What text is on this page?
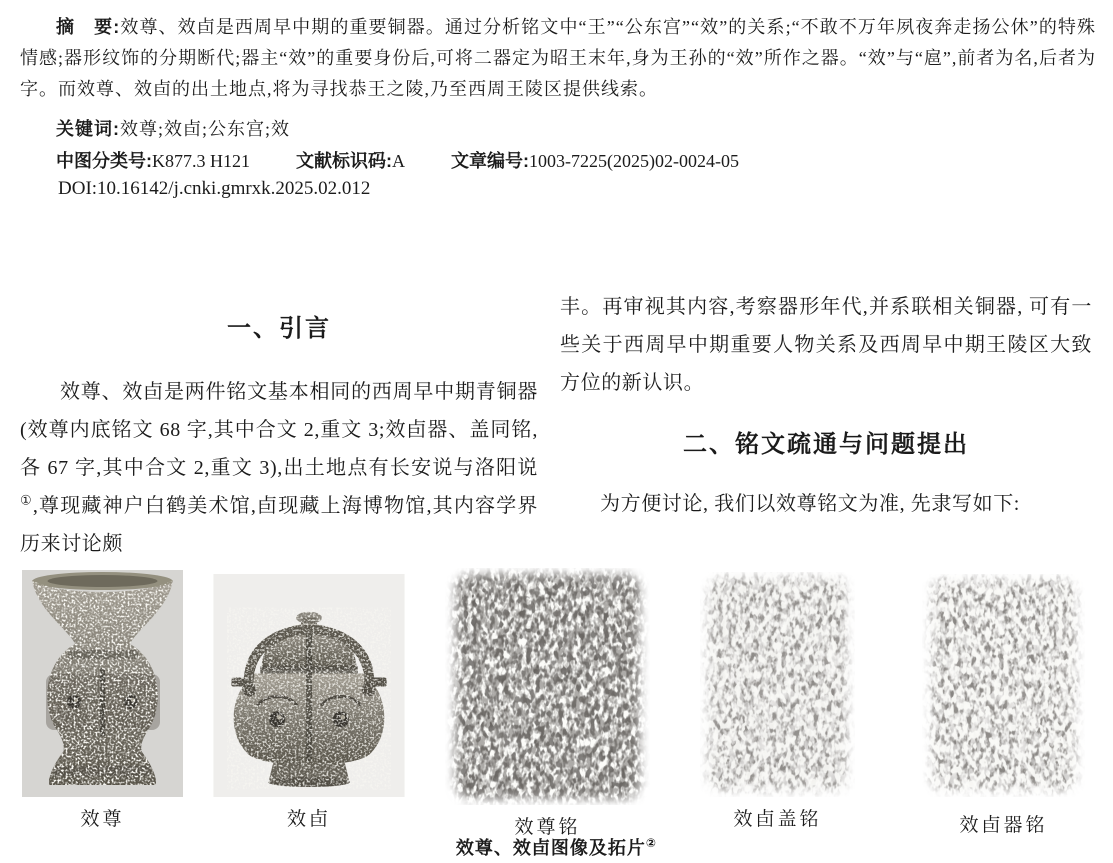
摘　要:效尊、效卣是西周早中期的重要铜器。通过分析铭文中“王”“公东宫”“效”的关系;“不敢不万年夙夜奔走扬公休”的特殊情感;器形纹饰的分期断代;器主“效”的重要身份后,可将二器定为昭王末年,身为王孙的“效”所作之器。“效”与“扈”,前者为名,后者为字。而效尊、效卣的出土地点,将为寻找恭王之陵,乃至西周王陵区提供线索。

关键词:效尊;效卣;公东宫;效

中图分类号:K877.3 H121	文献标识码:A	文章编号:1003-7225(2025)02-0024-05

DOI:10.16142/j.cnki.gmrxk.2025.02.012

一、引言

效尊、效卣是两件铭文基本相同的西周早中期青铜器(效尊内底铭文 68 字,其中合文 2,重文 3;效卣器、盖同铭,各 67 字,其中合文 2,重文 3),出土地点有长安说与洛阳说①,尊现藏神户白鹤美术馆,卣现藏上海博物馆,其内容学界历来讨论颇

丰。再审视其内容,考察器形年代,并系联相关铜器, 可有一些关于西周早中期重要人物关系及西周早中期王陵区大致方位的新认识。

二、铭文疏通与问题提出

为方便讨论, 我们以效尊铭文为准, 先隶写如下:

效尊	效卣	效尊铭	效卣盖铭	效卣器铭

效尊、效卣图像及拓片②
